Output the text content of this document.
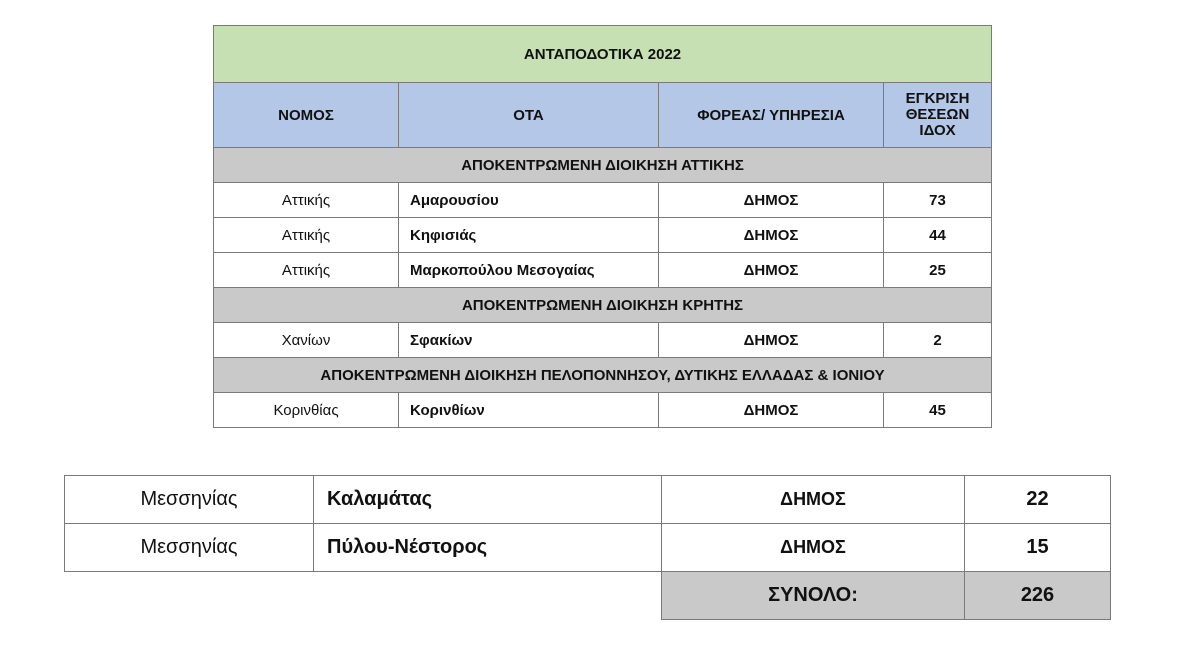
ΑΝΤΑΠΟΔΟΤΙΚΑ 2022			
ΝΟΜΟΣ	ΟΤΑ	ΦΟΡΕΑΣ/ ΥΠΗΡΕΣΙΑ	ΕΓΚΡΙΣΗ
ΘΕΣΕΩΝ
ΙΔΟΧ

ΑΠΟΚΕΝΤΡΩΜΕΝΗ ΔΙΟΙΚΗΣΗ ΑΤΤΙΚΗΣ			
Αττικής	Αμαρουσίου	ΔΗΜΟΣ	73
Αττικής	Κηφισιάς	ΔΗΜΟΣ	44
Αττικής	Μαρκοπούλου Μεσογαίας	ΔΗΜΟΣ	25
ΑΠΟΚΕΝΤΡΩΜΕΝΗ ΔΙΟΙΚΗΣΗ ΚΡΗΤΗΣ			
Χανίων	Σφακίων	ΔΗΜΟΣ	2
ΑΠΟΚΕΝΤΡΩΜΕΝΗ ΔΙΟΙΚΗΣΗ ΠΕΛΟΠΟΝΝΗΣΟΥ, ΔΥΤΙΚΗΣ ΕΛΛΑΔΑΣ & ΙΟΝΙΟΥ			
Κορινθίας	Κορινθίων	ΔΗΜΟΣ	45
Μεσσηνίας	Καλαμάτας	ΔΗΜΟΣ	22
Μεσσηνίας	Πύλου-Νέστορος	ΔΗΜΟΣ	15
		ΣΥΝΟΛΟ:	226
